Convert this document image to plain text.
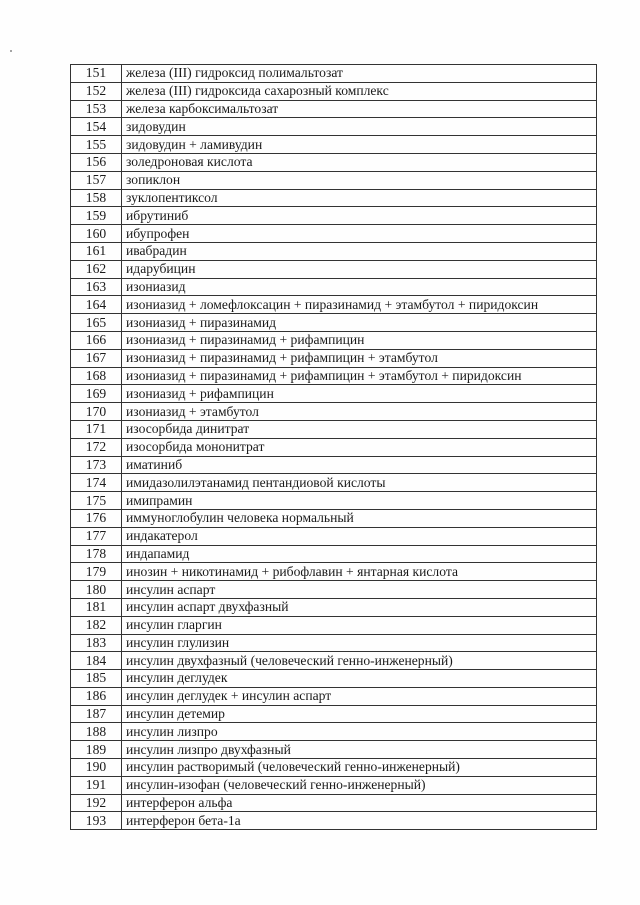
151	железа (III) гидроксид полимальтозат
152	железа (III) гидроксида сахарозный комплекс
153	железа карбоксимальтозат
154	зидовудин
155	зидовудин + ламивудин
156	золедроновая кислота
157	зопиклон
158	зуклопентиксол
159	ибрутиниб
160	ибупрофен
161	ивабрадин
162	идарубицин
163	изониазид
164	изониазид + ломефлоксацин + пиразинамид + этамбутол + пиридоксин
165	изониазид + пиразинамид
166	изониазид + пиразинамид + рифампицин
167	изониазид + пиразинамид + рифампицин + этамбутол
168	изониазид + пиразинамид + рифампицин + этамбутол + пиридоксин
169	изониазид + рифампицин
170	изониазид + этамбутол
171	изосорбида динитрат
172	изосорбида мононитрат
173	иматиниб
174	имидазолилэтанамид пентандиовой кислоты
175	имипрамин
176	иммуноглобулин человека нормальный
177	индакатерол
178	индапамид
179	инозин + никотинамид + рибофлавин + янтарная кислота
180	инсулин аспарт
181	инсулин аспарт двухфазный
182	инсулин гларгин
183	инсулин глулизин
184	инсулин двухфазный (человеческий генно-инженерный)
185	инсулин деглудек
186	инсулин деглудек + инсулин аспарт
187	инсулин детемир
188	инсулин лизпро
189	инсулин лизпро двухфазный
190	инсулин растворимый (человеческий генно-инженерный)
191	инсулин-изофан (человеческий генно-инженерный)
192	интерферон альфа
193	интерферон бета-1а
